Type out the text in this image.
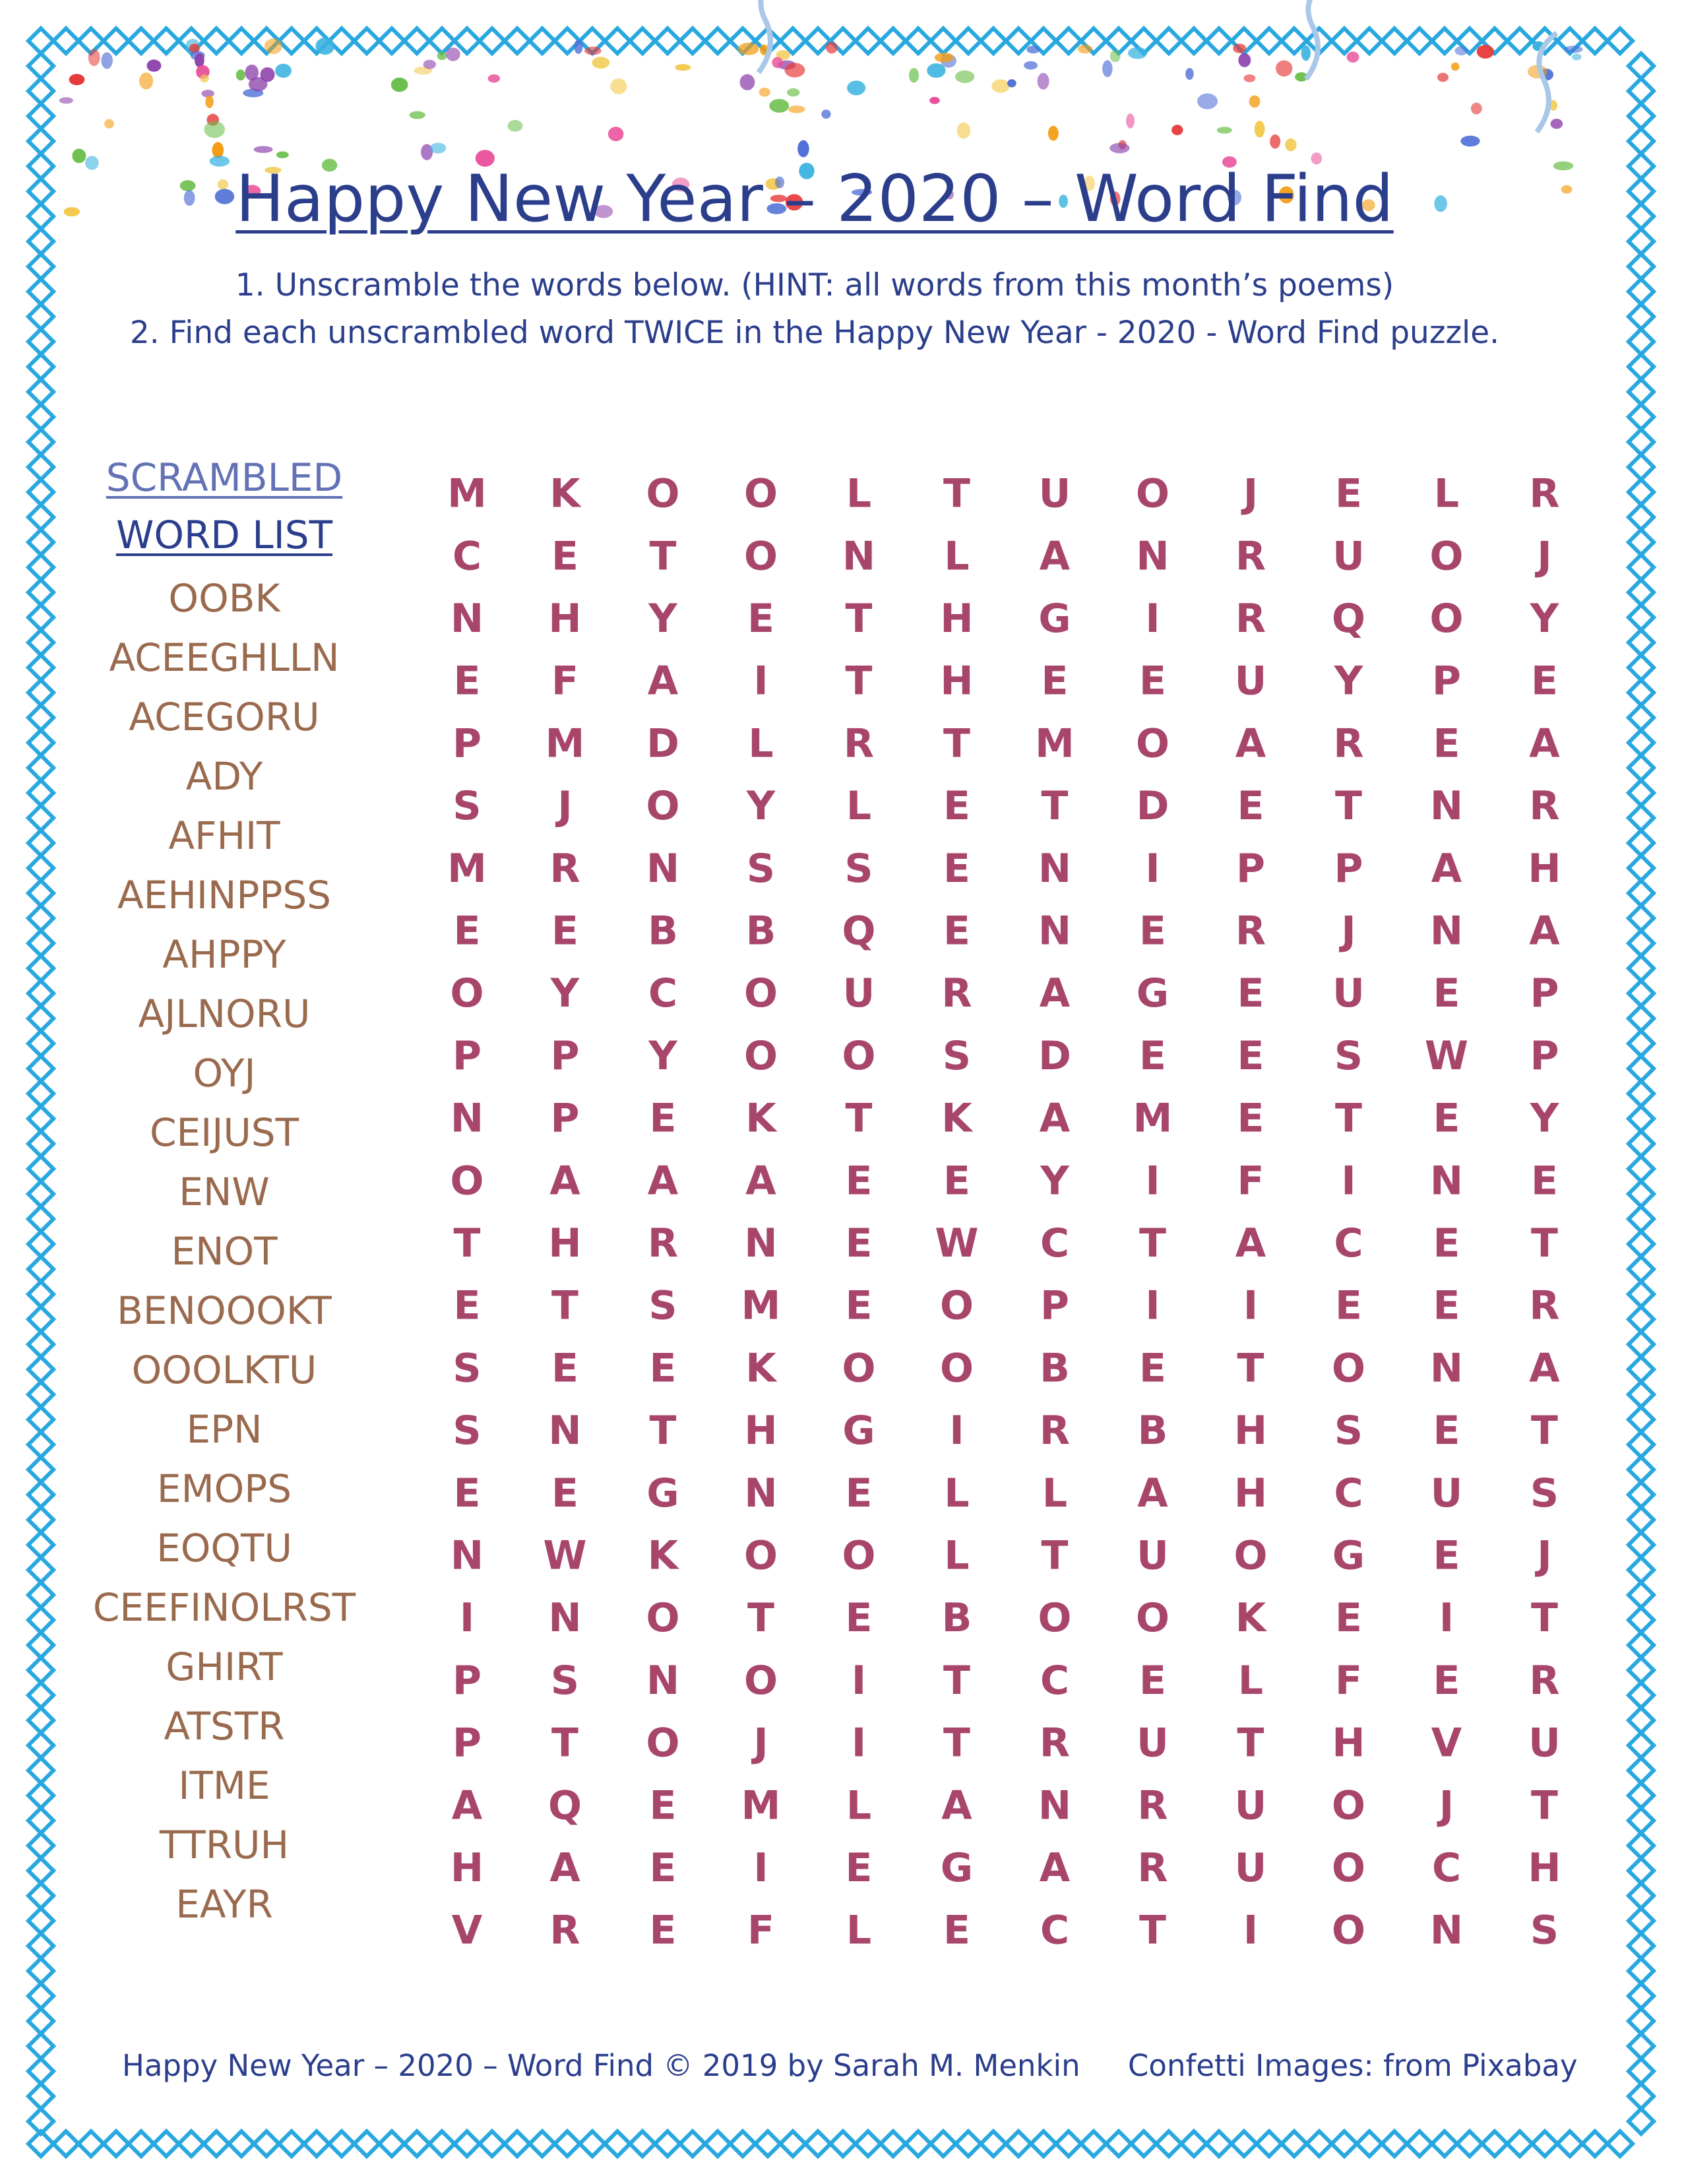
Happy New Year – 2020 – Word Find
1. Unscramble the words below. (HINT: all words from this month’s poems)
2. Find each unscrambled word TWICE in the Happy New Year - 2020 - Word Find puzzle.
SCRAMBLED
WORD LIST
OOBK
ACEEGHLLN
ACEGORU
ADY
AFHIT
AEHINPPSS
AHPPY
AJLNORU
OYJ
CEIJUST
ENW
ENOT
BENOOOKT
OOOLKTU
EPN
EMOPS
EOQTU
CEEFINOLRST
GHIRT
ATSTR
ITME
TTRUH
EAYR
M K O O L T U O J E L R
C E T O N L A N R U O J
N H Y E T H G I R Q O Y
E F A I T H E E U Y P E
P M D L R T M O A R E A
S J O Y L E T D E T N R
M R N S S E N I P P A H
E E B B Q E N E R J N A
O Y C O U R A G E U E P
P P Y O O S D E E S W P
N P E K T K A M E T E Y
O A A A E E Y I F I N E
T H R N E W C T A C E T
E T S M E O P I I E E R
S E E K O O B E T O N A
S N T H G I R B H S E T
E E G N E L L A H C U S
N W K O O L T U O G E J
I N O T E B O O K E I T
P S N O I T C E L F E R
P T O J I T R U T H V U
A Q E M L A N R U O J T
H A E I E G A R U O C H
V R E F L E C T I O N S
Happy New Year – 2020 – Word Find © 2019 by Sarah M. Menkin Confetti Images: from Pixabay
